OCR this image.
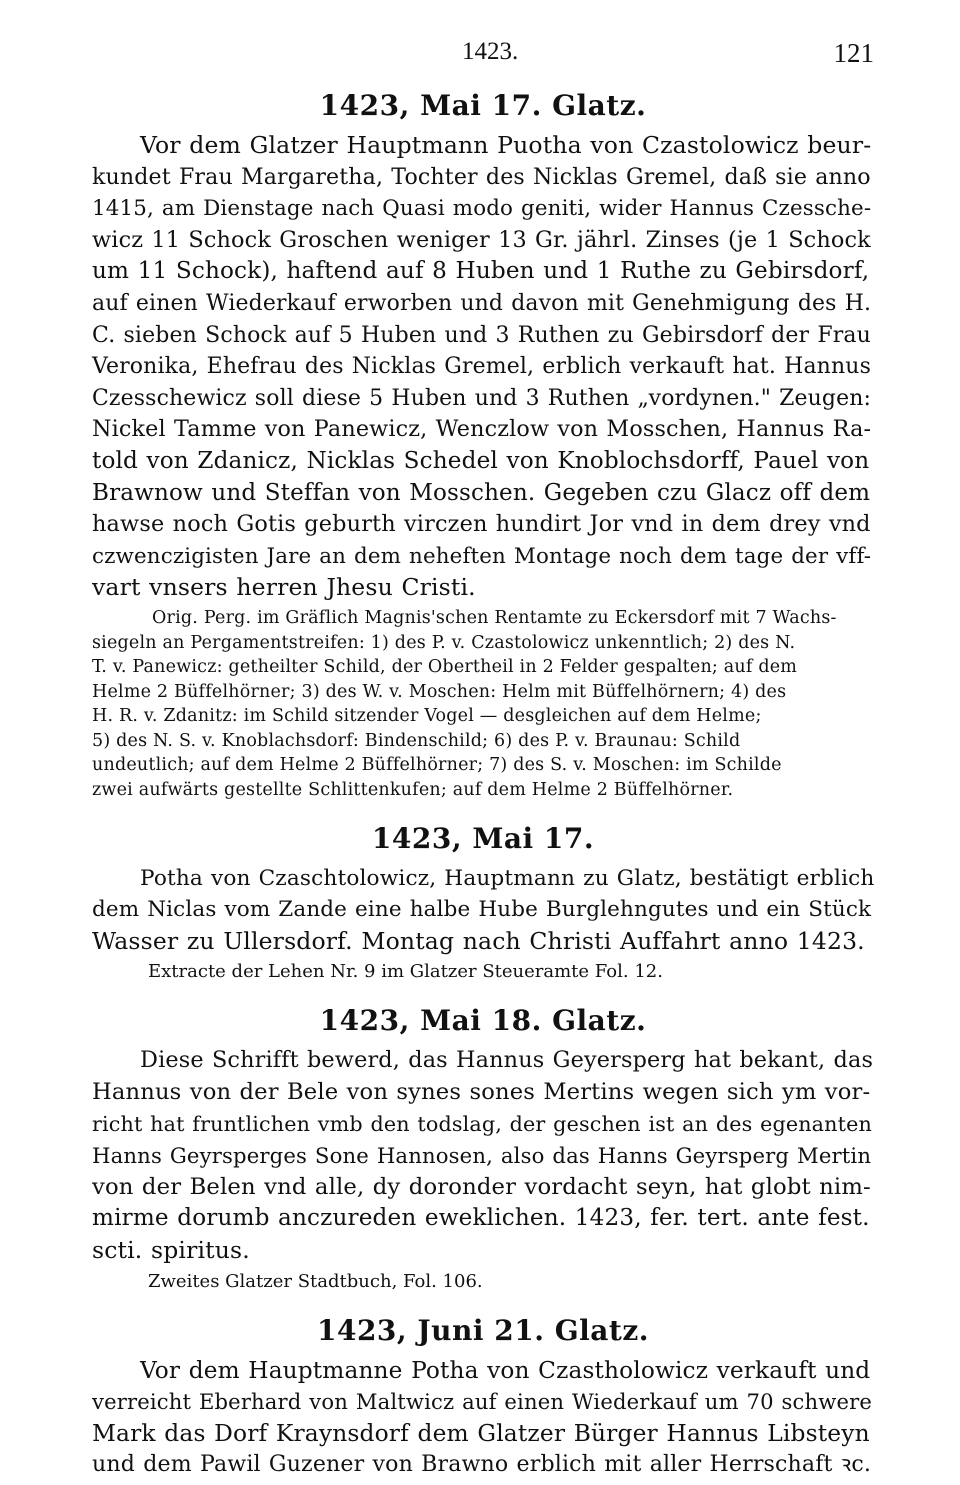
1423.	121
1423, Mai 17. Glatz.

Vor dem Glatzer Hauptmann Puotha von Czastolowicz beur-
kundet Frau Margaretha, Tochter des Nicklas Gremel, daß sie anno
1415, am Dienstage nach Quasi modo geniti, wider Hannus Czessche-
wicz 11 Schock Groschen weniger 13 Gr. jährl. Zinses (je 1 Schock
um 11 Schock), haftend auf 8 Huben und 1 Ruthe zu Gebirsdorf,
auf einen Wiederkauf erworben und davon mit Genehmigung des H.
C. sieben Schock auf 5 Huben und 3 Ruthen zu Gebirsdorf der Frau
Veronika, Ehefrau des Nicklas Gremel, erblich verkauft hat. Hannus
Czesschewicz soll diese 5 Huben und 3 Ruthen „vordynen." Zeugen:
Nickel Tamme von Panewicz, Wenczlow von Mosschen, Hannus Ra-
told von Zdanicz, Nicklas Schedel von Knoblochsdorff, Pauel von
Brawnow und Steffan von Mosschen. Gegeben czu Glacz off dem
hawse noch Gotis geburth virczen hundirt Jor vnd in dem drey vnd
czwenczigisten Jare an dem neheften Montage noch dem tage der vff-
vart vnsers herren Jhesu Cristi.

Orig. Perg. im Gräflich Magnis'schen Rentamte zu Eckersdorf mit 7 Wachs-
siegeln an Pergamentstreifen: 1) des P. v. Czastolowicz unkenntlich; 2) des N.
T. v. Panewicz: getheilter Schild, der Obertheil in 2 Felder gespalten; auf dem
Helme 2 Büffelhörner; 3) des W. v. Moschen: Helm mit Büffelhörnern; 4) des
H. R. v. Zdanitz: im Schild sitzender Vogel — desgleichen auf dem Helme;
5) des N. S. v. Knoblachsdorf: Bindenschild; 6) des P. v. Braunau: Schild
undeutlich; auf dem Helme 2 Büffelhörner; 7) des S. v. Moschen: im Schilde
zwei aufwärts gestellte Schlittenkufen; auf dem Helme 2 Büffelhörner.

1423, Mai 17.

Potha von Czaschtolowicz, Hauptmann zu Glatz, bestätigt erblich
dem Niclas vom Zande eine halbe Hube Burglehngutes und ein Stück
Wasser zu Ullersdorf. Montag nach Christi Auffahrt anno 1423.

Extracte der Lehen Nr. 9 im Glatzer Steueramte Fol. 12.
1423, Mai 18. Glatz.

Diese Schrifft bewerd, das Hannus Geyersperg hat bekant, das
Hannus von der Bele von synes sones Mertins wegen sich ym vor-
richt hat fruntlichen vmb den todslag, der geschen ist an des egenanten
Hanns Geyrsperges Sone Hannosen, also das Hanns Geyrsperg Mertin
von der Belen vnd alle, dy doronder vordacht seyn, hat globt nim-
mirme dorumb anczureden eweklichen. 1423, fer. tert. ante fest.
scti. spiritus.

Zweites Glatzer Stadtbuch, Fol. 106.
1423, Juni 21. Glatz.

Vor dem Hauptmanne Potha von Czastholowicz verkauft und
verreicht Eberhard von Maltwicz auf einen Wiederkauf um 70 schwere
Mark das Dorf Kraynsdorf dem Glatzer Bürger Hannus Libsteyn
und dem Pawil Guzener von Brawno erblich mit aller Herrschaft ꝛc.
